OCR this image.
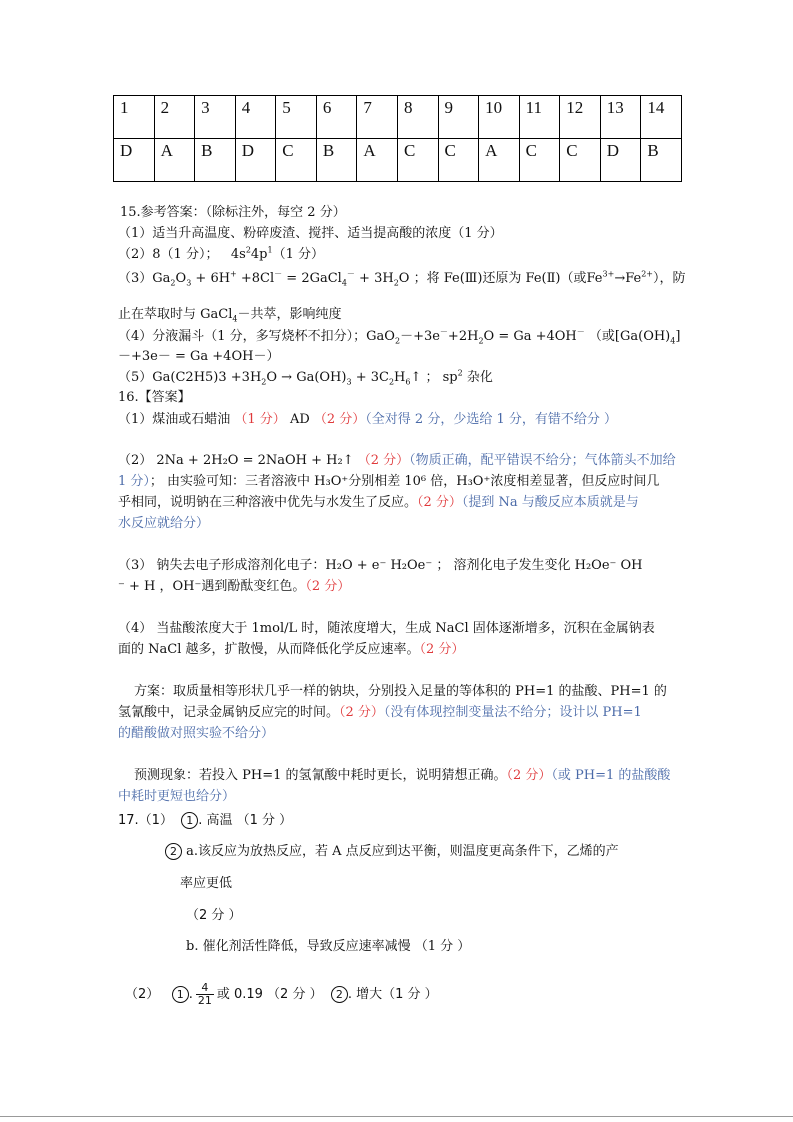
1	2	3	4	5	6	7	8	9	10	11	12	13	14
D	A	B	D	C	B	A	C	C	A	C	C	D	B
15.参考答案：（除标注外，每空 2 分）
（1）适当升高温度、粉碎废渣、搅拌、适当提高酸的浓度（1 分）
（2）8（1 分）； $4s^24p^1(1$ 分）
$(3)Ga_2O_3 + 6H^+ +8Cl^-$ = 2GaCl$_4$－ + $3H_2O$ ；将 Fe(Ⅲ)还原为 Fe(Ⅱ)（或$Fe^{3+}\to Fe^{2+}$），防
止在萃取时与 GaCl$_4$－共萃，影响纯度
（4）分液漏斗（1 分，多写烧杯不扣分）；$GaO_2-+3e^-+2H_2O = Ga +4OH^-$ （或$[Ga(OH)_4]$
－+3e－ = Ga +4OH－）
$(5)Ga(C2H5)3 +3H_2O \to Ga(OH)_3$ + $3C_2H_6↑$ ； $sp^2$ 杂化
16.【答案】
（1）煤油或石蜡油 （1 分） AD （2 分）（全对得 2 分，少选给 1 分，有错不给分 ）
（2） 2Na + 2H₂O = 2NaOH + H₂↑ （2 分）（物质正确，配平错误不给分；气体箭头不加给
1 分）； 由实验可知：三者溶液中 H₃O⁺分别相差 10⁶ 倍，H₃O⁺浓度相差显著，但反应时间几
乎相同，说明钠在三种溶液中优先与水发生了反应。（2 分）（提到 Na 与酸反应本质就是与
水反应就给分）
（3） 钠失去电子形成溶剂化电子：H₂O + e⁻ H₂Oe⁻ ； 溶剂化电子发生变化 H₂Oe⁻ OH
⁻ + H ，OH⁻遇到酚酞变红色。（2 分）
（4） 当盐酸浓度大于 1mol/L 时，随浓度增大，生成 NaCl 固体逐渐增多，沉积在金属钠表
面的 NaCl 越多，扩散慢，从而降低化学反应速率。（2 分）
方案：取质量相等形状几乎一样的钠块，分别投入足量的等体积的 PH=1 的盐酸、PH=1 的
氢氰酸中，记录金属钠反应完的时间。（2 分）（没有体现控制变量法不给分；设计以 PH=1
的醋酸做对照实验不给分）
预测现象：若投入 PH=1 的氢氰酸中耗时更长，说明猜想正确。（2 分）（或 PH=1 的盐酸酸
中耗时更短也给分）
17.（1） 1 . 高温 （1 分 ）
2 a.该反应为放热反应，若 A 点反应到达平衡，则温度更高条件下，乙烯的产
率应更低
（2 分 ）
b. 催化剂活性降低，导致反应速率减慢 （1 分 ）
（2） 1 . $\frac{4}{21}$ 或 0.19 （2 分 ） 2 . 增大（1 分 ）
